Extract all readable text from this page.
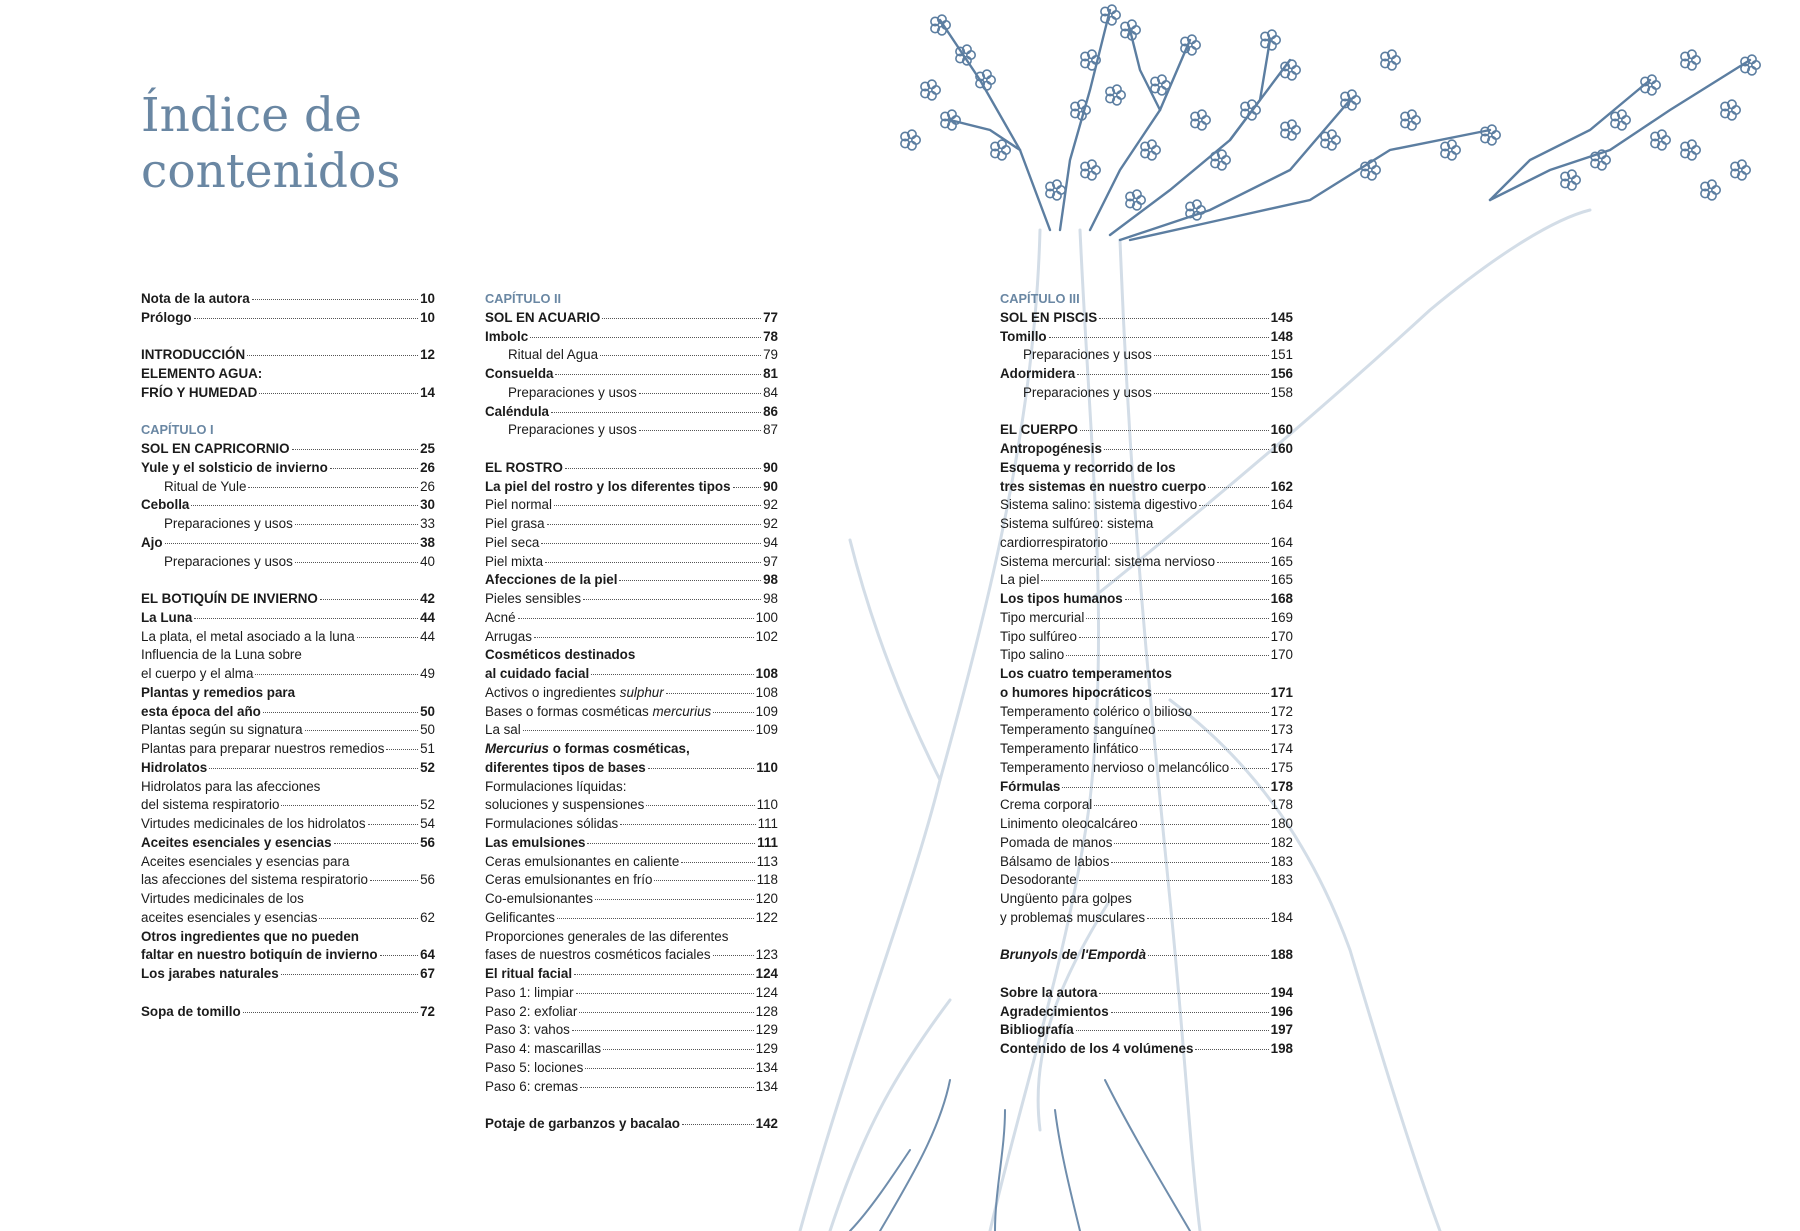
Índice de
contenidos
Nota de la autora	10
Prólogo	10
INTRODUCCIÓN	12
ELEMENTO AGUA:
FRÍO Y HUMEDAD	14
CAPÍTULO I
SOL EN CAPRICORNIO	25
Yule y el solsticio de invierno	26
Ritual de Yule	26
Cebolla	30
Preparaciones y usos	33
Ajo	38
Preparaciones y usos	40
EL BOTIQUÍN DE INVIERNO	42
La Luna	44
La plata, el metal asociado a la luna	44
Influencia de la Luna sobre
el cuerpo y el alma	49
Plantas y remedios para
esta época del año	50
Plantas según su signatura	50
Plantas para preparar nuestros remedios	51
Hidrolatos	52
Hidrolatos para las afecciones
del sistema respiratorio	52
Virtudes medicinales de los hidrolatos	54
Aceites esenciales y esencias	56
Aceites esenciales y esencias para
las afecciones del sistema respiratorio	56
Virtudes medicinales de los
aceites esenciales y esencias	62
Otros ingredientes que no pueden
faltar en nuestro botiquín de invierno	64
Los jarabes naturales	67
Sopa de tomillo	72
CAPÍTULO II
SOL EN ACUARIO	77
Imbolc	78
Ritual del Agua	79
Consuelda	81
Preparaciones y usos	84
Caléndula	86
Preparaciones y usos	87
EL ROSTRO	90
La piel del rostro y los diferentes tipos 90
Piel normal	92
Piel grasa	92
Piel seca	94
Piel mixta	97
Afecciones de la piel	98
Pieles sensibles	98
Acné	100
Arrugas	102
Cosméticos destinados
al cuidado facial	108
Activos o ingredientes sulphur	108
Bases o formas cosméticas mercurius	109
La sal	109
Mercurius o formas cosméticas,
diferentes tipos de bases	110
Formulaciones líquidas:
soluciones y suspensiones	110
Formulaciones sólidas	111
Las emulsiones	111
Ceras emulsionantes en caliente	113
Ceras emulsionantes en frío	118
Co-emulsionantes	120
Gelificantes	122
Proporciones generales de las diferentes
fases de nuestros cosméticos faciales	123
El ritual facial	124
Paso 1: limpiar	124
Paso 2: exfoliar	128
Paso 3: vahos	129
Paso 4: mascarillas	129
Paso 5: lociones	134
Paso 6: cremas	134
Potaje de garbanzos y bacalao	142
CAPÍTULO III
SOL EN PISCIS	145
Tomillo	148
Preparaciones y usos	151
Adormidera	156
Preparaciones y usos	158
EL CUERPO	160
Antropogénesis	160
Esquema y recorrido de los
tres sistemas en nuestro cuerpo	162
Sistema salino: sistema digestivo	164
Sistema sulfúreo: sistema
cardiorrespiratorio	164
Sistema mercurial: sistema nervioso	165
La piel	165
Los tipos humanos	168
Tipo mercurial	169
Tipo sulfúreo	170
Tipo salino	170
Los cuatro temperamentos
o humores hipocráticos	171
Temperamento colérico o bilioso	172
Temperamento sanguíneo	173
Temperamento linfático	174
Temperamento nervioso o melancólico	175
Fórmulas	178
Crema corporal	178
Linimento oleocalcáreo	180
Pomada de manos	182
Bálsamo de labios	183
Desodorante	183
Ungüento para golpes
y problemas musculares	184
Brunyols de l'Empordà	188
Sobre la autora	194
Agradecimientos	196
Bibliografía	197
Contenido de los 4 volúmenes	198
